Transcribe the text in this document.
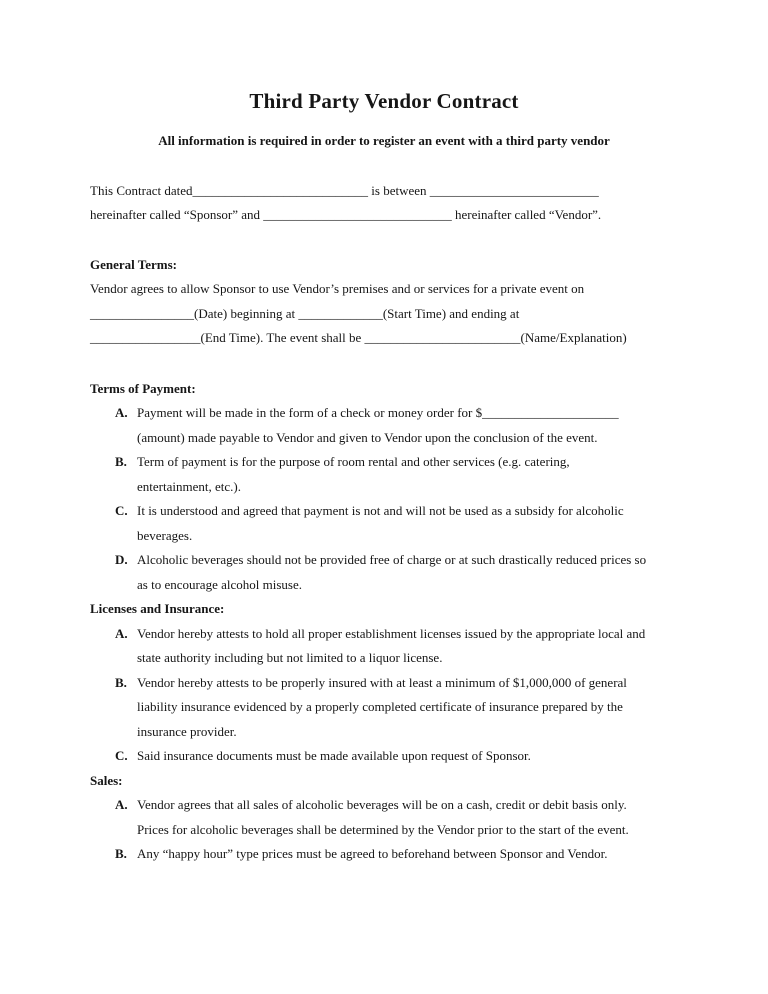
Third Party Vendor Contract
All information is required in order to register an event with a third party vendor
This Contract dated___________________________ is between __________________________
hereinafter called “Sponsor” and _____________________________ hereinafter called “Vendor”.
General Terms:
Vendor agrees to allow Sponsor to use Vendor’s premises and or services for a private event on
________________(Date) beginning at _____________(Start Time) and ending at
_________________(End Time). The event shall be ________________________(Name/Explanation)
Terms of Payment:
A. Payment will be made in the form of a check or money order for $_____________________
(amount) made payable to Vendor and given to Vendor upon the conclusion of the event.
B. Term of payment is for the purpose of room rental and other services (e.g. catering,
entertainment, etc.).
C. It is understood and agreed that payment is not and will not be used as a subsidy for alcoholic
beverages.
D. Alcoholic beverages should not be provided free of charge or at such drastically reduced prices so
as to encourage alcohol misuse.
Licenses and Insurance:
A. Vendor hereby attests to hold all proper establishment licenses issued by the appropriate local and
state authority including but not limited to a liquor license.
B. Vendor hereby attests to be properly insured with at least a minimum of $1,000,000 of general
liability insurance evidenced by a properly completed certificate of insurance prepared by the
insurance provider.
C. Said insurance documents must be made available upon request of Sponsor.
Sales:
A. Vendor agrees that all sales of alcoholic beverages will be on a cash, credit or debit basis only.
Prices for alcoholic beverages shall be determined by the Vendor prior to the start of the event.
B. Any “happy hour” type prices must be agreed to beforehand between Sponsor and Vendor.
